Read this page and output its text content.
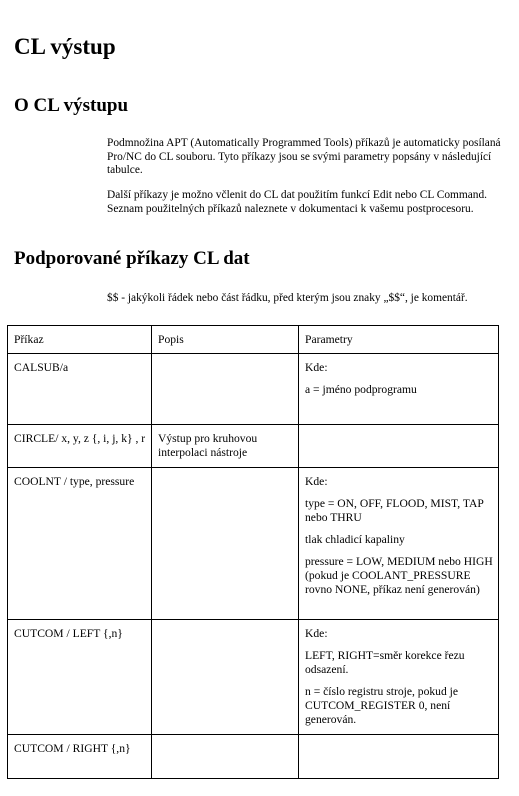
CL výstup
O CL výstupu

Podmnožina APT (Automatically Programmed Tools) příkazů je automaticky posílaná Pro/NC do CL souboru. Tyto příkazy jsou se svými parametry popsány v následující tabulce.

Další příkazy je možno včlenit do CL dat použitím funkcí Edit nebo CL Command. Seznam použitelných příkazů naleznete v dokumentaci k vašemu postprocesoru.

Podporované příkazy CL dat

$$ - jakýkoli řádek nebo část řádku, před kterým jsou znaky „$$“, je komentář.

Příkaz	Popis	Parametry
CALSUB/a		Kde:

a = jméno podprogramu

CIRCLE/ x, y, z {, i, j, k} , r	Výstup pro kruhovou interpolaci nástroje	
COOLNT / type, pressure		Kde:

type = ON, OFF, FLOOD, MIST, TAP nebo THRU

tlak chladicí kapaliny

pressure = LOW, MEDIUM nebo HIGH (pokud je COOLANT_PRESSURE rovno NONE, příkaz není generován)

CUTCOM / LEFT {,n}		Kde:

LEFT, RIGHT=směr korekce řezu odsazení.

n = číslo registru stroje, pokud je CUTCOM_REGISTER 0, není generován.

CUTCOM / RIGHT {,n}		
